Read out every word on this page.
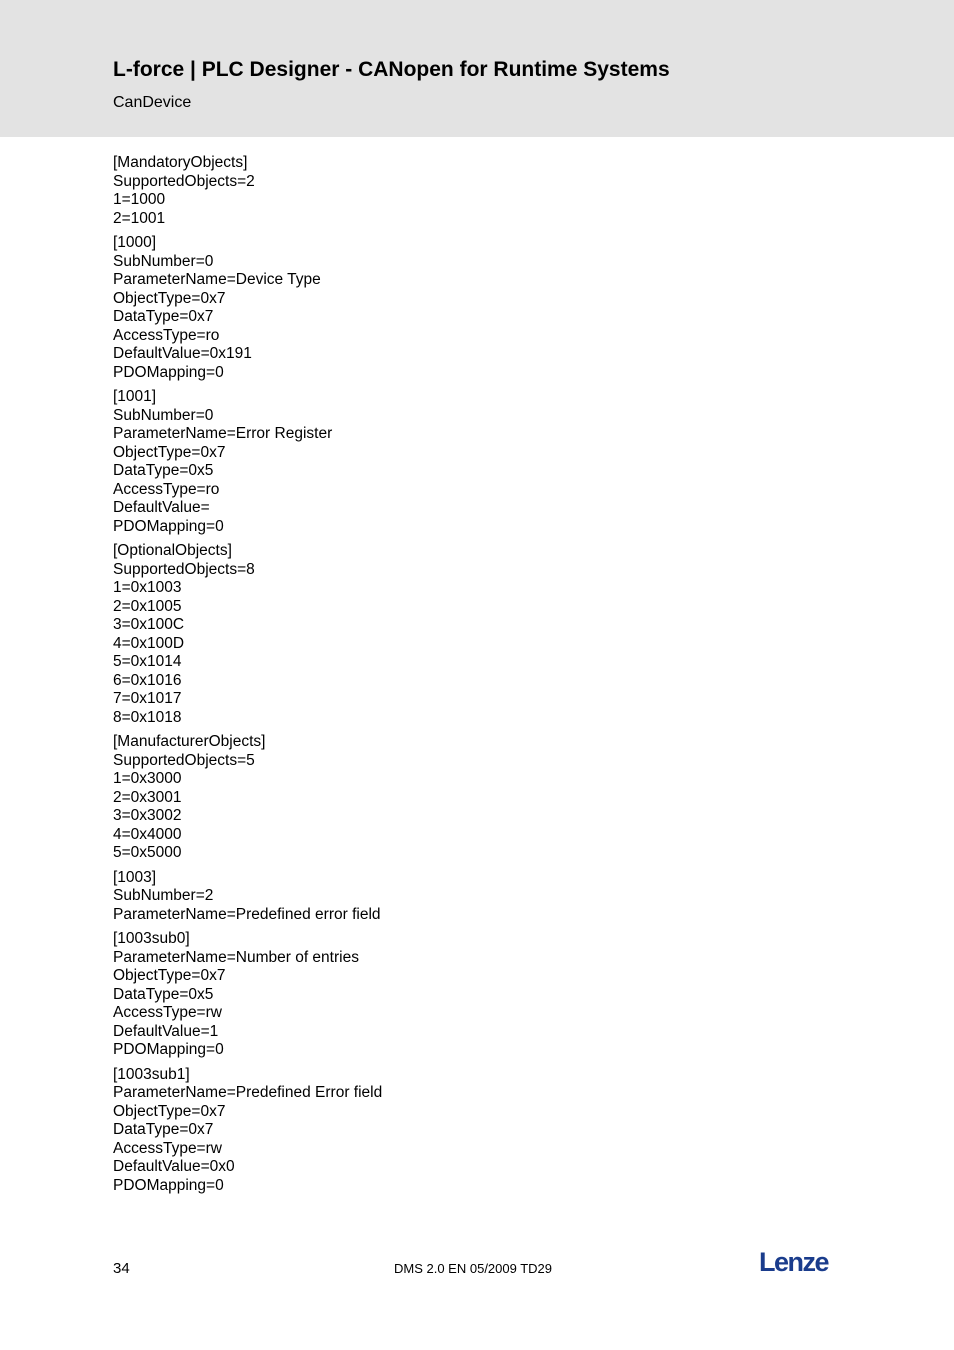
L-force | PLC Designer - CANopen for Runtime Systems
CanDevice
[MandatoryObjects]
SupportedObjects=2
1=1000
2=1001
[1000]
SubNumber=0
ParameterName=Device Type
ObjectType=0x7
DataType=0x7
AccessType=ro
DefaultValue=0x191
PDOMapping=0
[1001]
SubNumber=0
ParameterName=Error Register
ObjectType=0x7
DataType=0x5
AccessType=ro
DefaultValue=
PDOMapping=0
[OptionalObjects]
SupportedObjects=8
1=0x1003
2=0x1005
3=0x100C
4=0x100D
5=0x1014
6=0x1016
7=0x1017
8=0x1018
[ManufacturerObjects]
SupportedObjects=5
1=0x3000
2=0x3001
3=0x3002
4=0x4000
5=0x5000
[1003]
SubNumber=2
ParameterName=Predefined error field
[1003sub0]
ParameterName=Number of entries
ObjectType=0x7
DataType=0x5
AccessType=rw
DefaultValue=1
PDOMapping=0
[1003sub1]
ParameterName=Predefined Error field
ObjectType=0x7
DataType=0x7
AccessType=rw
DefaultValue=0x0
PDOMapping=0
34	DMS 2.0 EN 05/2009 TD29	Lenze
